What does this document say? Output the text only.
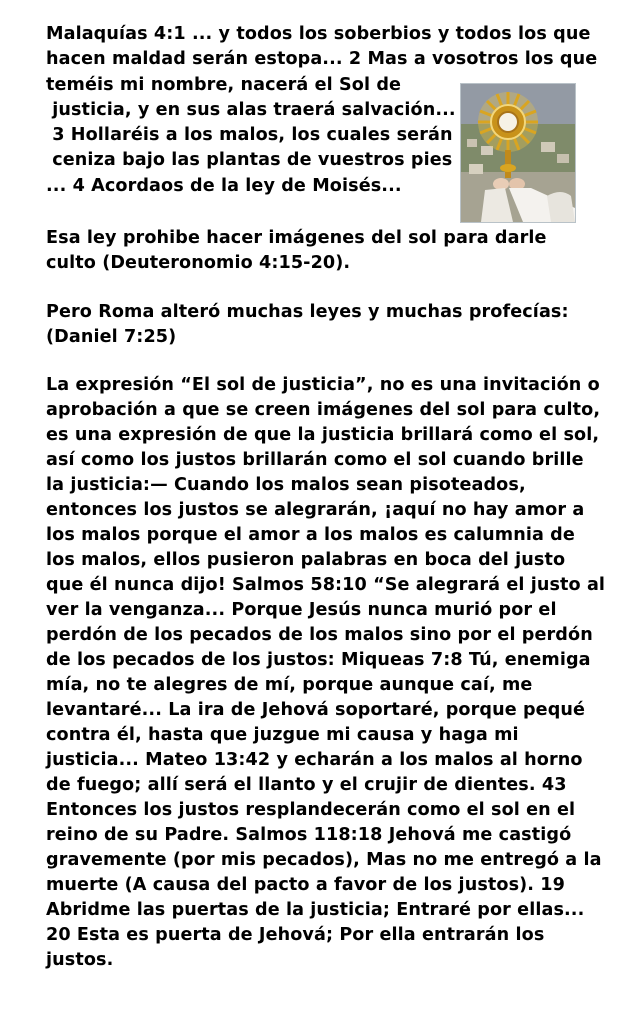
Malaquías 4:1 ... y todos los soberbios y todos los que
hacen maldad serán estopa... 2 Mas a vosotros los que
teméis mi nombre, nacerá el Sol de
justicia, y en sus alas traerá salvación...
3 Hollaréis a los malos, los cuales serán
ceniza bajo las plantas de vuestros pies
... 4 Acordaos de la ley de Moisés...
Esa ley prohibe hacer imágenes del sol para darle
culto (Deuteronomio 4:15-20).
Pero Roma alteró muchas leyes y muchas profecías:
(Daniel 7:25)
La expresión “El sol de justicia”, no es una invitación o
aprobación a que se creen imágenes del sol para culto,
es una expresión de que la justicia brillará como el sol,
así como los justos brillarán como el sol cuando brille
la justicia:— Cuando los malos sean pisoteados,
entonces los justos se alegrarán, ¡aquí no hay amor a
los malos porque el amor a los malos es calumnia de
los malos, ellos pusieron palabras en boca del justo
que él nunca dijo! Salmos 58:10 “Se alegrará el justo al
ver la venganza... Porque Jesús nunca murió por el
perdón de los pecados de los malos sino por el perdón
de los pecados de los justos: Miqueas 7:8 Tú, enemiga
mía, no te alegres de mí, porque aunque caí, me
levantaré... La ira de Jehová soportaré, porque pequé
contra él, hasta que juzgue mi causa y haga mi
justicia... Mateo 13:42 y echarán a los malos al horno
de fuego; allí será el llanto y el crujir de dientes. 43
Entonces los justos resplandecerán como el sol en el
reino de su Padre. Salmos 118:18 Jehová me castigó
gravemente (por mis pecados), Mas no me entregó a la
muerte (A causa del pacto a favor de los justos). 19
Abridme las puertas de la justicia; Entraré por ellas...
20 Esta es puerta de Jehová; Por ella entrarán los
justos.
